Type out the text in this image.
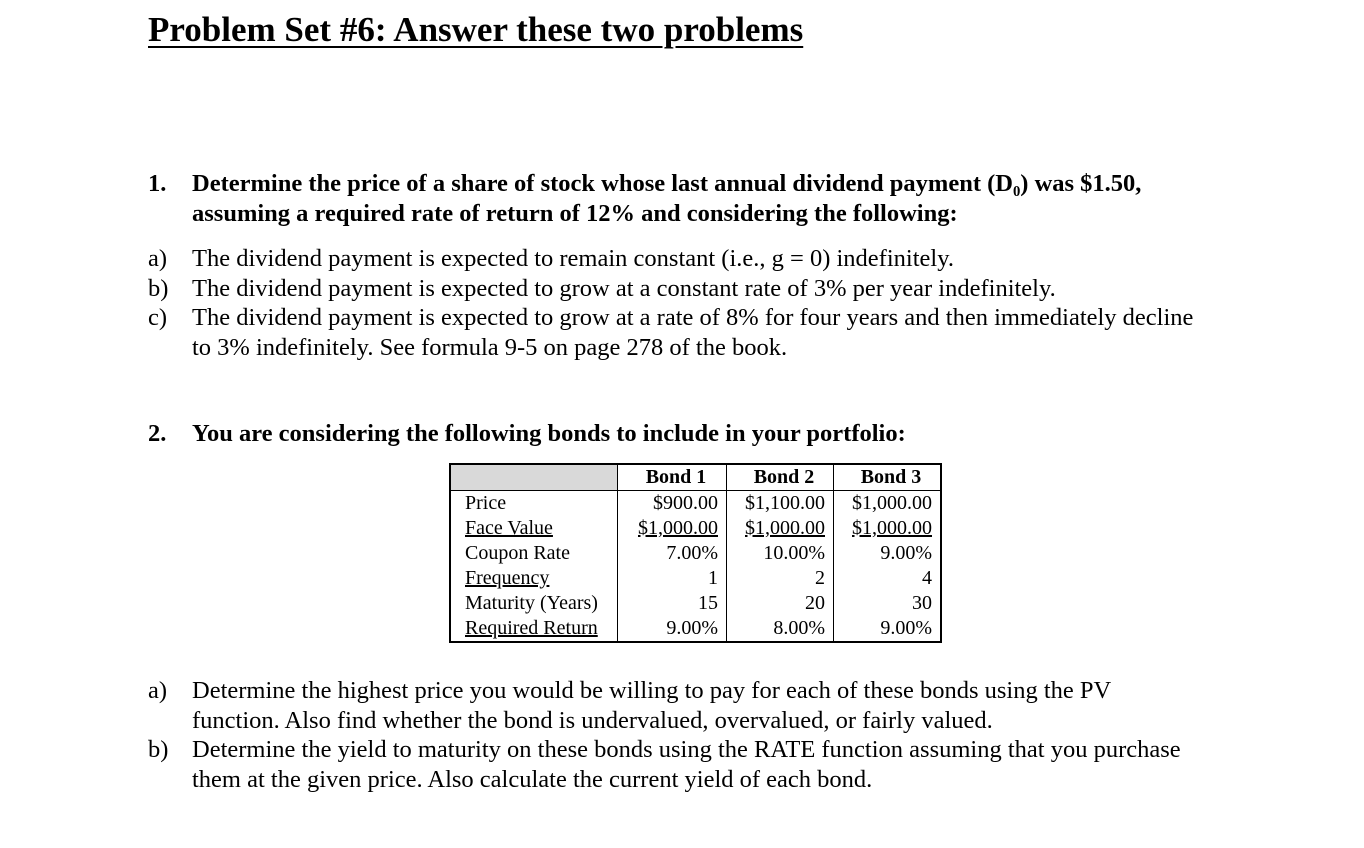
Problem Set #6: Answer these two problems
1. Determine the price of a share of stock whose last annual dividend payment (D₀) was $1.50,
assuming a required rate of return of 12% and considering the following:
a) The dividend payment is expected to remain constant (i.e., g = 0) indefinitely.
b) The dividend payment is expected to grow at a constant rate of 3% per year indefinitely.
c) The dividend payment is expected to grow at a rate of 8% for four years and then immediately decline
to 3% indefinitely. See formula 9-5 on page 278 of the book.
2. You are considering the following bonds to include in your portfolio:
	Bond 1	Bond 2	Bond 3
Price	$900.00	$1,100.00	$1,000.00
Face Value	$1,000.00	$1,000.00	$1,000.00
Coupon Rate	7.00%	10.00%	9.00%
Frequency	1	2	4
Maturity (Years)	15	20	30
Required Return	9.00%	8.00%	9.00%
a) Determine the highest price you would be willing to pay for each of these bonds using the PV
function. Also find whether the bond is undervalued, overvalued, or fairly valued.
b) Determine the yield to maturity on these bonds using the RATE function assuming that you purchase
them at the given price. Also calculate the current yield of each bond.
